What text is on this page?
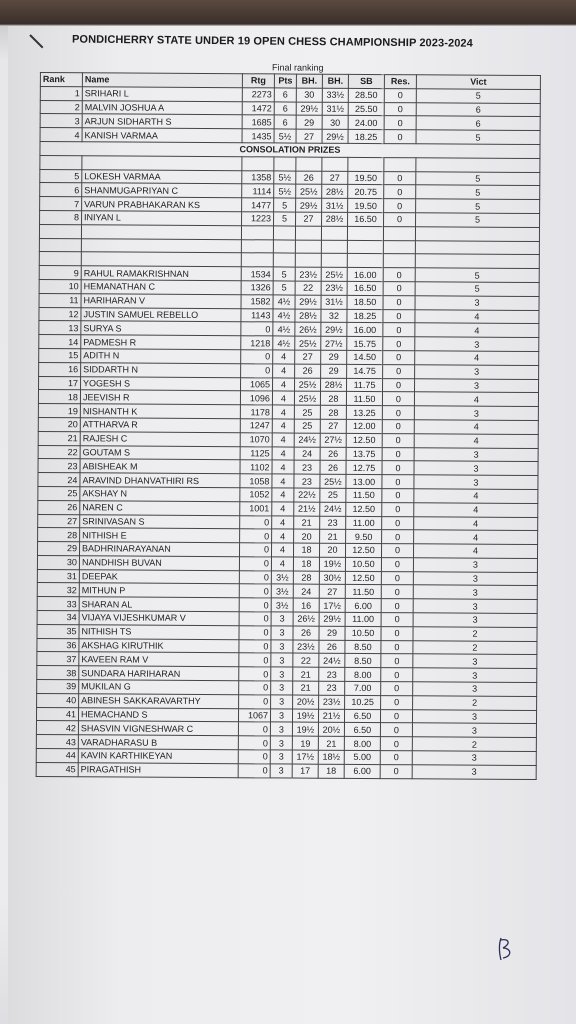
PONDICHERRY STATE UNDER 19 OPEN CHESS CHAMPIONSHIP 2023-2024
Final ranking
Rank	Name	Rtg	Pts	BH.	BH.	SB	Res.	Vict
1	SRIHARI L	2273	6	30	33½	28.50	0	5
2	MALVIN JOSHUA A	1472	6	29½	31½	25.50	0	6
3	ARJUN SIDHARTH S	1685	6	29	30	24.00	0	6
4	KANISH VARMAA	1435	5½	27	29½	18.25	0	5
CONSOLATION PRIZES								

5	LOKESH VARMAA	1358	5½	26	27	19.50	0	5
6	SHANMUGAPRIYAN C	1114	5½	25½	28½	20.75	0	5
7	VARUN PRABHAKARAN KS	1477	5	29½	31½	19.50	0	5
8	INIYAN L	1223	5	27	28½	16.50	0	5

9	RAHUL RAMAKRISHNAN	1534	5	23½	25½	16.00	0	5
10	HEMANATHAN C	1326	5	22	23½	16.50	0	5
11	HARIHARAN V	1582	4½	29½	31½	18.50	0	3
12	JUSTIN SAMUEL REBELLO	1143	4½	28½	32	18.25	0	4
13	SURYA S	0	4½	26½	29½	16.00	0	4
14	PADMESH R	1218	4½	25½	27½	15.75	0	3
15	ADITH N	0	4	27	29	14.50	0	4
16	SIDDARTH N	0	4	26	29	14.75	0	3
17	YOGESH S	1065	4	25½	28½	11.75	0	3
18	JEEVISH R	1096	4	25½	28	11.50	0	4
19	NISHANTH K	1178	4	25	28	13.25	0	3
20	ATTHARVA R	1247	4	25	27	12.00	0	4
21	RAJESH C	1070	4	24½	27½	12.50	0	4
22	GOUTAM S	1125	4	24	26	13.75	0	3
23	ABISHEAK M	1102	4	23	26	12.75	0	3
24	ARAVIND DHANVATHIRI RS	1058	4	23	25½	13.00	0	3
25	AKSHAY N	1052	4	22½	25	11.50	0	4
26	NAREN C	1001	4	21½	24½	12.50	0	4
27	SRINIVASAN S	0	4	21	23	11.00	0	4
28	NITHISH E	0	4	20	21	9.50	0	4
29	BADHRINARAYANAN	0	4	18	20	12.50	0	4
30	NANDHISH BUVAN	0	4	18	19½	10.50	0	3
31	DEEPAK	0	3½	28	30½	12.50	0	3
32	MITHUN P	0	3½	24	27	11.50	0	3
33	SHARAN AL	0	3½	16	17½	6.00	0	3
34	VIJAYA VIJESHKUMAR V	0	3	26½	29½	11.00	0	3
35	NITHISH TS	0	3	26	29	10.50	0	2
36	AKSHAG KIRUTHIK	0	3	23½	26	8.50	0	2
37	KAVEEN RAM V	0	3	22	24½	8.50	0	3
38	SUNDARA HARIHARAN	0	3	21	23	8.00	0	3
39	MUKILAN G	0	3	21	23	7.00	0	3
40	ABINESH SAKKARAVARTHY	0	3	20½	23½	10.25	0	2
41	HEMACHAND S	1067	3	19½	21½	6.50	0	3
42	SHASVIN VIGNESHWAR C	0	3	19½	20½	6.50	0	3
43	VARADHARASU B	0	3	19	21	8.00	0	2
44	KAVIN KARTHIKEYAN	0	3	17½	18½	5.00	0	3
45	PIRAGATHISH	0	3	17	18	6.00	0	3
